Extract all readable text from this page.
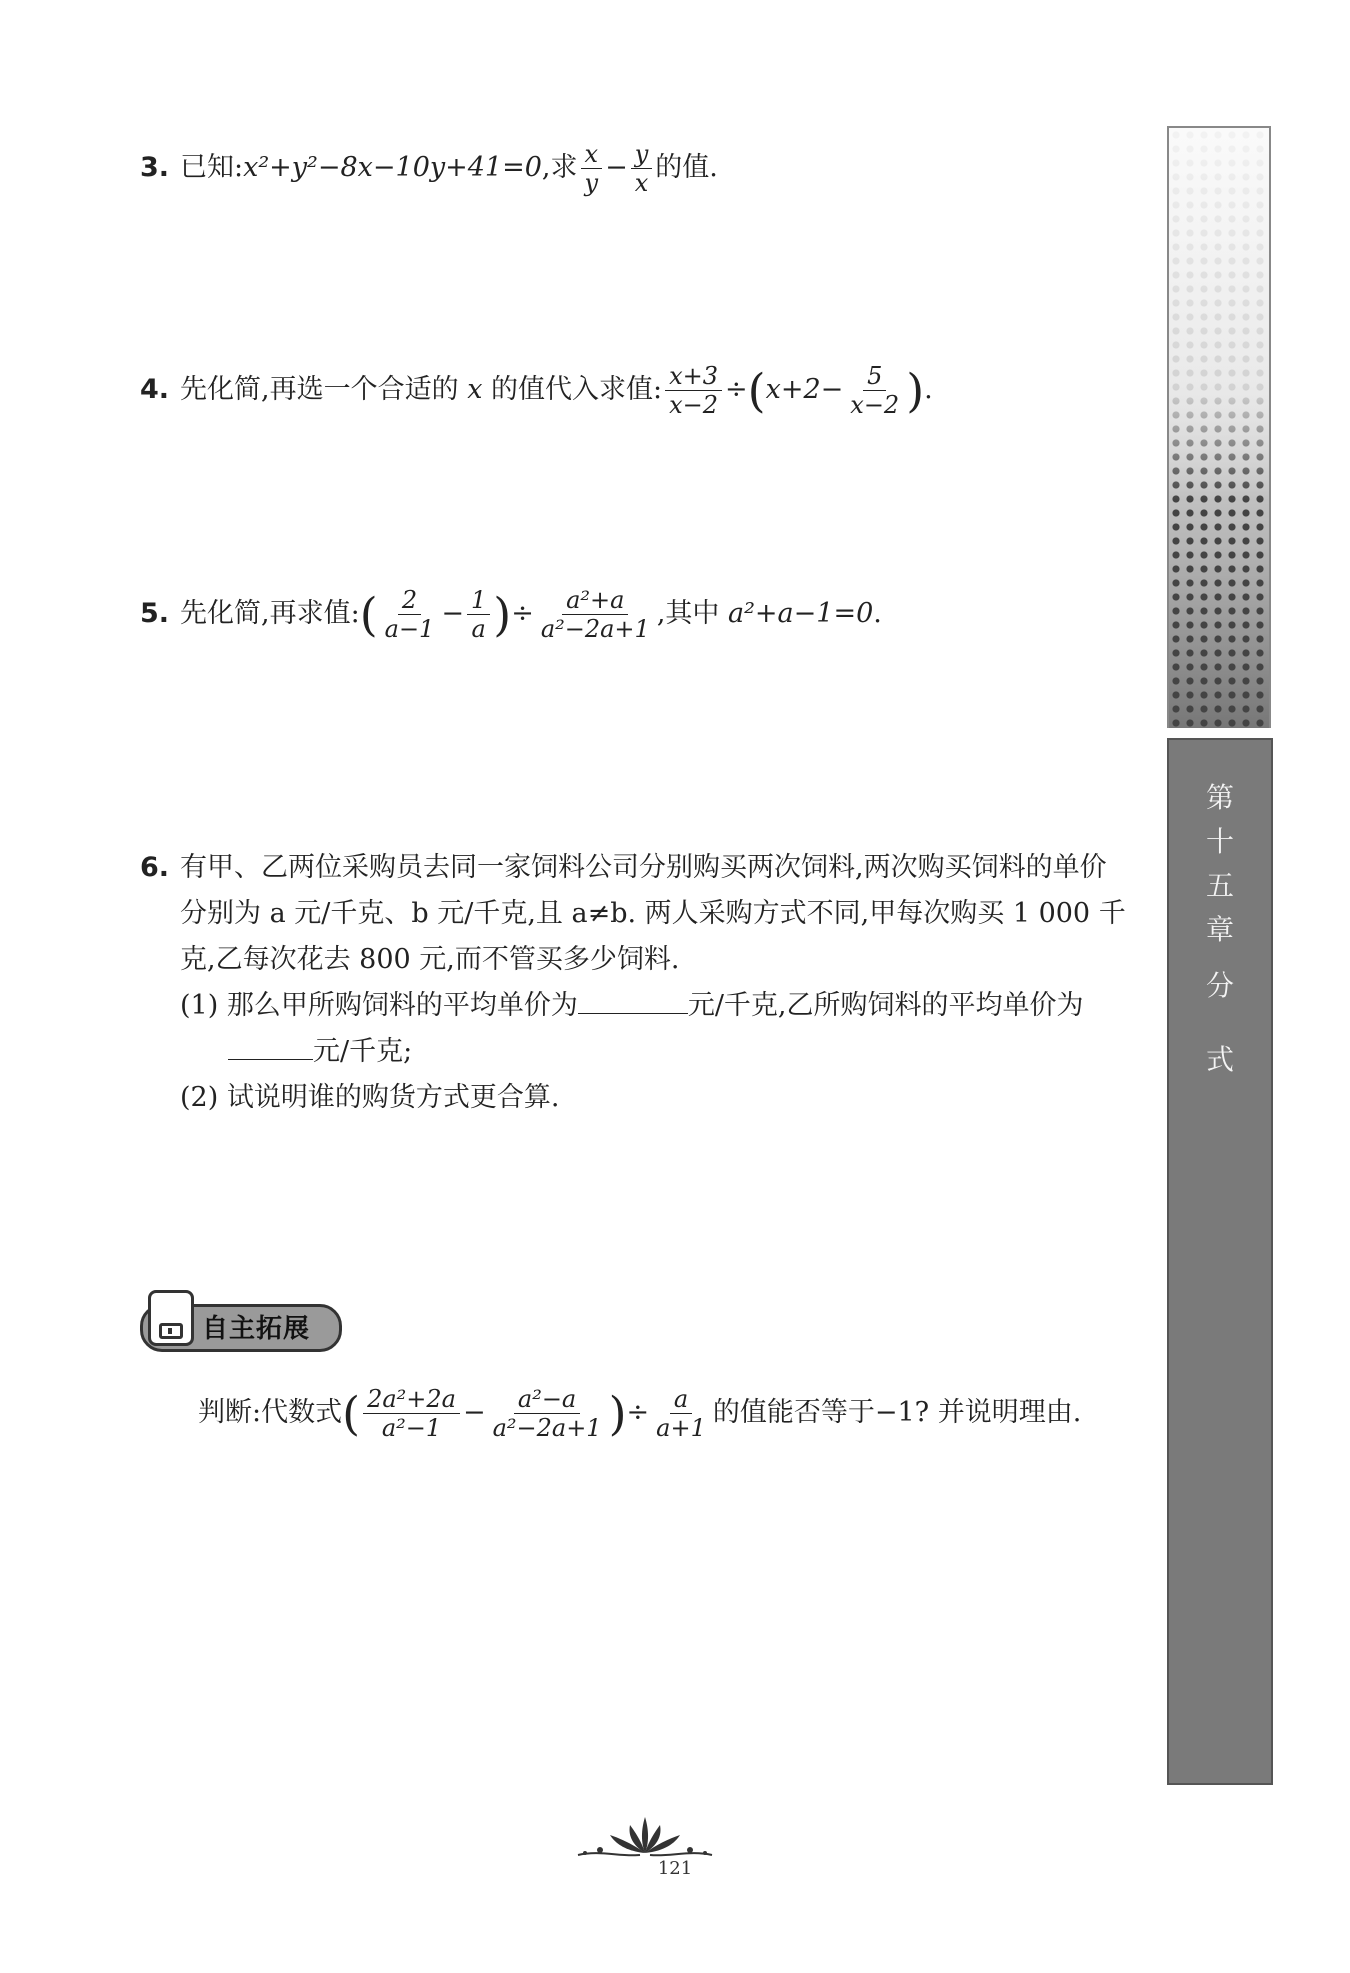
3. 已知:x²+y²−8x−10y+41=0,求 $\frac{x}{y} - \frac{y}{x}$ 的值.
4. 先化简,再选一个合适的 x 的值代入求值: $\frac{x+3}{x-2} \div(x+2- \frac{5}{x-2}$ ).
5. 先化简,再求值:( $\frac{2}{a-1} - \frac{1}{a}$ )÷ $\frac{\text{a²+a}}{\text{a²−2a+1}}$ ,其中 a²+a−1=0.
6. 有甲、乙两位采购员去同一家饲料公司分别购买两次饲料,两次购买饲料的单价
分别为 a 元/千克、b 元/千克,且 a≠b. 两人采购方式不同,甲每次购买 1 000 千
克,乙每次花去 800 元,而不管买多少饲料.
(1) 那么甲所购饲料的平均单价为	元/千克,乙所购饲料的平均单价为
元/千克;
(2) 试说明谁的购货方式更合算.
自主拓展
判断:代数式( $\frac{\text{2a²+2a}}{\text{a²−1}} - \frac{\text{a²−a}}{\text{a²−2a+1}}$ )÷ $\frac{a}{a+1}$ 的值能否等于−1? 并说明理由.
第
十
五
章
分
式
121
